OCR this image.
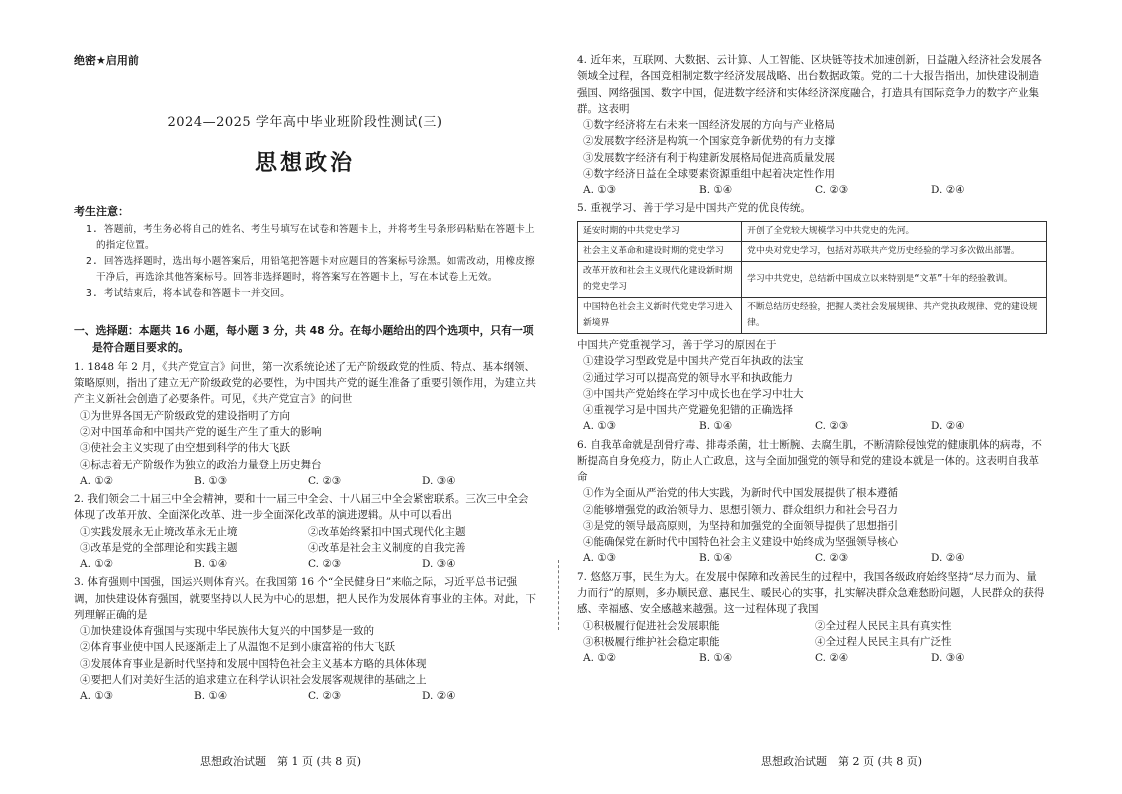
绝密★启用前
2024—2025 学年高中毕业班阶段性测试(三)
思想政治
考生注意：
1. 答题前，考生务必将自己的姓名、考生号填写在试卷和答题卡上，并将考生号条形码粘贴在答题卡上的指定位置。
2. 回答选择题时，选出每小题答案后，用铅笔把答题卡对应题目的答案标号涂黑。如需改动，用橡皮擦干净后，再选涂其他答案标号。回答非选择题时，将答案写在答题卡上，写在本试卷上无效。
3. 考试结束后，将本试卷和答题卡一并交回。
一、选择题：本题共 16 小题，每小题 3 分，共 48 分。在每小题给出的四个选项中，只有一项是符合题目要求的。
1. 1848 年 2 月，《共产党宣言》问世，第一次系统论述了无产阶级政党的性质、特点、基本纲领、策略原则，指出了建立无产阶级政党的必要性，为中国共产党的诞生准备了重要引领作用，为建立共产主义新社会创造了必要条件。可见，《共产党宣言》的问世
①为世界各国无产阶级政党的建设指明了方向
②对中国革命和中国共产党的诞生产生了重大的影响
③使社会主义实现了由空想到科学的伟大飞跃
④标志着无产阶级作为独立的政治力量登上历史舞台
A. ①②	B. ①③	C. ②③	D. ③④
2. 我们领会二十届三中全会精神，要和十一届三中全会、十八届三中全会紧密联系。三次三中全会体现了改革开放、全面深化改革、进一步全面深化改革的演进逻辑。从中可以看出
①实践发展永无止境改革永无止境	②改革始终紧扣中国式现代化主题
③改革是党的全部理论和实践主题	④改革是社会主义制度的自我完善
A. ①②	B. ①④	C. ②③	D. ③④
3. 体育强则中国强，国运兴则体育兴。在我国第 16 个“全民健身日”来临之际，习近平总书记强调，加快建设体育强国，就要坚持以人民为中心的思想，把人民作为发展体育事业的主体。对此，下列理解正确的是
①加快建设体育强国与实现中华民族伟大复兴的中国梦是一致的
②体育事业使中国人民逐渐走上了从温饱不足到小康富裕的伟大飞跃
③发展体育事业是新时代坚持和发展中国特色社会主义基本方略的具体体现
④要把人们对美好生活的追求建立在科学认识社会发展客观规律的基础之上
A. ①③	B. ①④	C. ②③	D. ②④
思想政治试题　第 1 页 (共 8 页)
4. 近年来，互联网、大数据、云计算、人工智能、区块链等技术加速创新，日益融入经济社会发展各领域全过程，各国竞相制定数字经济发展战略、出台数据政策。党的二十大报告指出，加快建设制造强国、网络强国、数字中国，促进数字经济和实体经济深度融合，打造具有国际竞争力的数字产业集群。这表明
①数字经济将左右未来一国经济发展的方向与产业格局
②发展数字经济是构筑一个国家竞争新优势的有力支撑
③发展数字经济有利于构建新发展格局促进高质量发展
④数字经济日益在全球要素资源重组中起着决定性作用
A. ①③	B. ①④	C. ②③	D. ②④
5. 重视学习、善于学习是中国共产党的优良传统。
延安时期的中共党史学习	开创了全党较大规模学习中共党史的先河。
社会主义革命和建设时期的党史学习	党中央对党史学习，包括对苏联共产党历史经验的学习多次做出部署。
改革开放和社会主义现代化建设新时期的党史学习	学习中共党史，总结新中国成立以来特别是“文革”十年的经验教训。
中国特色社会主义新时代党史学习进入新境界	不断总结历史经验，把握人类社会发展规律、共产党执政规律、党的建设规律。
中国共产党重视学习，善于学习的原因在于
①建设学习型政党是中国共产党百年执政的法宝
②通过学习可以提高党的领导水平和执政能力
③中国共产党始终在学习中成长也在学习中壮大
④重视学习是中国共产党避免犯错的正确选择
A. ①③	B. ①④	C. ②③	D. ②④
6. 自我革命就是刮骨疗毒、排毒杀菌，壮士断腕、去腐生肌，不断清除侵蚀党的健康肌体的病毒，不断提高自身免疫力，防止人亡政息，这与全面加强党的领导和党的建设本就是一体的。这表明自我革命
①作为全面从严治党的伟大实践，为新时代中国发展提供了根本遵循
②能够增强党的政治领导力、思想引领力、群众组织力和社会号召力
③是党的领导最高原则，为坚持和加强党的全面领导提供了思想指引
④能确保党在新时代中国特色社会主义建设中始终成为坚强领导核心
A. ①③	B. ①④	C. ②③	D. ②④
7. 悠悠万事，民生为大。在发展中保障和改善民生的过程中，我国各级政府始终坚持“尽力而为、量力而行”的原则，多办顺民意、惠民生、暖民心的实事，扎实解决群众急难愁盼问题，人民群众的获得感、幸福感、安全感越来越强。这一过程体现了我国
①积极履行促进社会发展职能	②全过程人民民主具有真实性
③积极履行维护社会稳定职能	④全过程人民民主具有广泛性
A. ①②	B. ①④	C. ②④	D. ③④
思想政治试题　第 2 页 (共 8 页)
